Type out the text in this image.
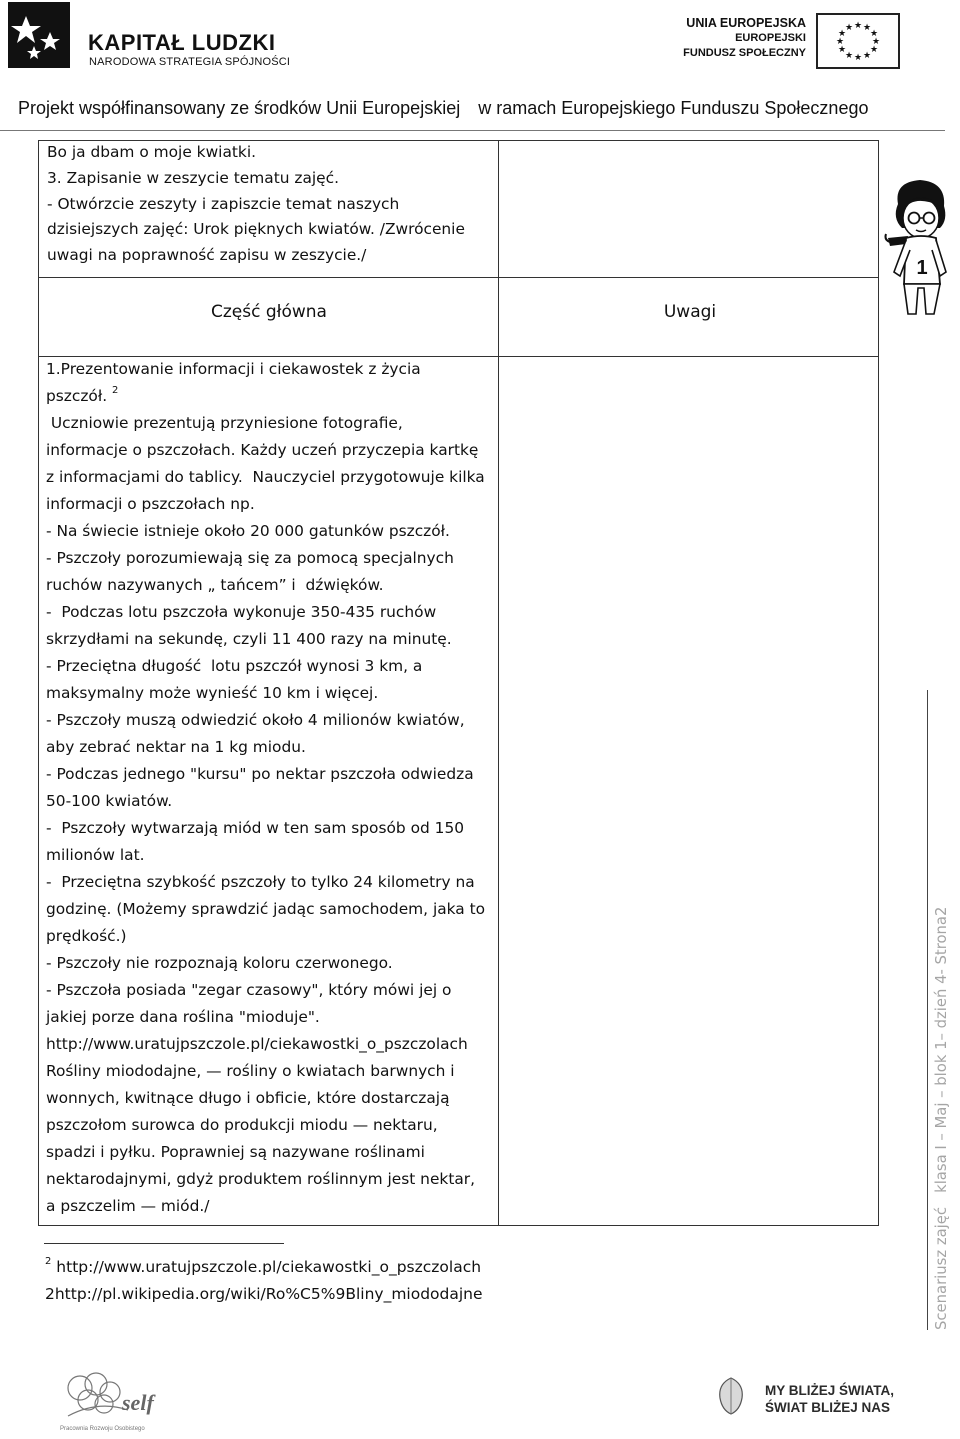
KAPITAŁ LUDZKI
NARODOWA STRATEGIA SPÓJNOŚCI
UNIA EUROPEJSKA
EUROPEJSKI
FUNDUSZ SPOŁECZNY
★ ★
★
★
★
★
★
★
★
★
★
★
Projekt współfinansowany ze środków Unii Europejskiej w ramach Europejskiego Funduszu Społecznego
Bo ja dbam o moje kwiatki.
3. Zapisanie w zeszycie tematu zajęć.
- Otwórzcie zeszyty i zapiszcie temat naszych
dzisiejszych zajęć: Urok pięknych kwiatów. /Zwrócenie
uwagi na poprawność zapisu w zeszycie./
Część główna	Uwagi
1.Prezentowanie informacji i ciekawostek z życia
pszczół. $^2$
Uczniowie prezentują przyniesione fotografie,
informacje o pszczołach. Każdy uczeń przyczepia kartkę
z informacjami do tablicy.  Nauczyciel przygotowuje kilka
informacji o pszczołach np.
- Na świecie istnieje około 20 000 gatunków pszczół.
- Pszczoły porozumiewają się za pomocą specjalnych
ruchów nazywanych „ tańcem” i  dźwięków.
-  Podczas lotu pszczoła wykonuje 350-435 ruchów
skrzydłami na sekundę, czyli 11 400 razy na minutę.
- Przeciętna długość  lotu pszczół wynosi 3 km, a
maksymalny może wynieść 10 km i więcej.
- Pszczoły muszą odwiedzić około 4 milionów kwiatów,
aby zebrać nektar na 1 kg miodu.
- Podczas jednego "kursu" po nektar pszczoła odwiedza
50-100 kwiatów.
-  Pszczoły wytwarzają miód w ten sam sposób od 150
milionów lat.
-  Przeciętna szybkość pszczoły to tylko 24 kilometry na
godzinę. (Możemy sprawdzić jadąc samochodem, jaka to
prędkość.)
- Pszczoły nie rozpoznają koloru czerwonego.
- Pszczoła posiada "zegar czasowy", który mówi jej o
jakiej porze dana roślina "mioduje".
http://www.uratujpszczole.pl/ciekawostki_o_pszczolach
Rośliny miododajne, — rośliny o kwiatach barwnych i
wonnych, kwitnące długo i obficie, które dostarczają
pszczołom surowca do produkcji miodu — nektaru,
spadzi i pyłku. Poprawniej są nazywane roślinami
nektarodajnymi, gdyż produktem roślinnym jest nektar,
a pszczelim — miód./
$^2$ http://www.uratujpszczole.pl/ciekawostki_o_pszczolach
2http://pl.wikipedia.org/wiki/Ro%C5%9Bliny_miododajne
1
Scenariusz zajęć   klasa I – Maj – blok 1– dzień 4- Strona2
self
Pracownia Rozwoju Osobistego
MY BLIŻEJ ŚWIATA,
ŚWIAT BLIŻEJ NAS
